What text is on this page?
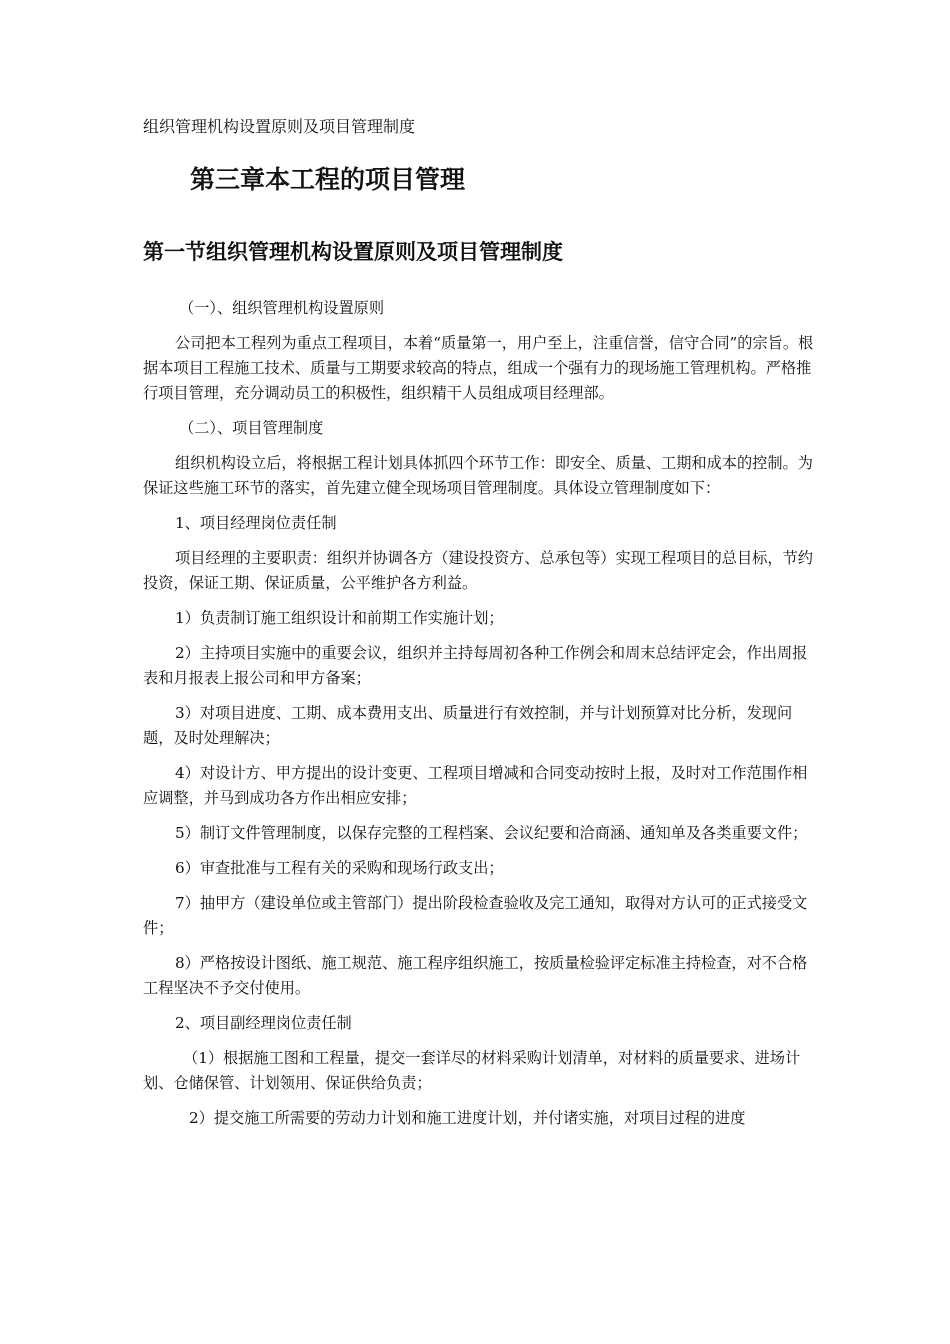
组织管理机构设置原则及项目管理制度

第三章本工程的项目管理
第一节组织管理机构设置原则及项目管理制度

（一）、组织管理机构设置原则

公司把本工程列为重点工程项目，本着“质量第一，用户至上，注重信誉，信守合同”的宗旨。根据本项目工程施工技术、质量与工期要求较高的特点，组成一个强有力的现场施工管理机构。严格推行项目管理，充分调动员工的积极性，组织精干人员组成项目经理部。

（二）、项目管理制度

组织机构设立后，将根据工程计划具体抓四个环节工作：即安全、质量、工期和成本的控制。为保证这些施工环节的落实，首先建立健全现场项目管理制度。具体设立管理制度如下：

1、项目经理岗位责任制

项目经理的主要职责：组织并协调各方（建设投资方、总承包等）实现工程项目的总目标，节约投资，保证工期、保证质量，公平维护各方利益。

1）负责制订施工组织设计和前期工作实施计划；

2）主持项目实施中的重要会议，组织并主持每周初各种工作例会和周末总结评定会，作出周报表和月报表上报公司和甲方备案；

3）对项目进度、工期、成本费用支出、质量进行有效控制，并与计划预算对比分析，发现问题，及时处理解决；

4）对设计方、甲方提出的设计变更、工程项目增减和合同变动按时上报，及时对工作范围作相应调整，并马到成功各方作出相应安排；

5）制订文件管理制度，以保存完整的工程档案、会议纪要和洽商涵、通知单及各类重要文件；

6）审查批准与工程有关的采购和现场行政支出；

7）抽甲方（建设单位或主管部门）提出阶段检查验收及完工通知，取得对方认可的正式接受文件；

8）严格按设计图纸、施工规范、施工程序组织施工，按质量检验评定标准主持检查，对不合格工程坚决不予交付使用。

2、项目副经理岗位责任制

（1）根据施工图和工程量，提交一套详尽的材料采购计划清单，对材料的质量要求、进场计划、仓储保管、计划领用、保证供给负责；

2）提交施工所需要的劳动力计划和施工进度计划，并付诸实施，对项目过程的进度
